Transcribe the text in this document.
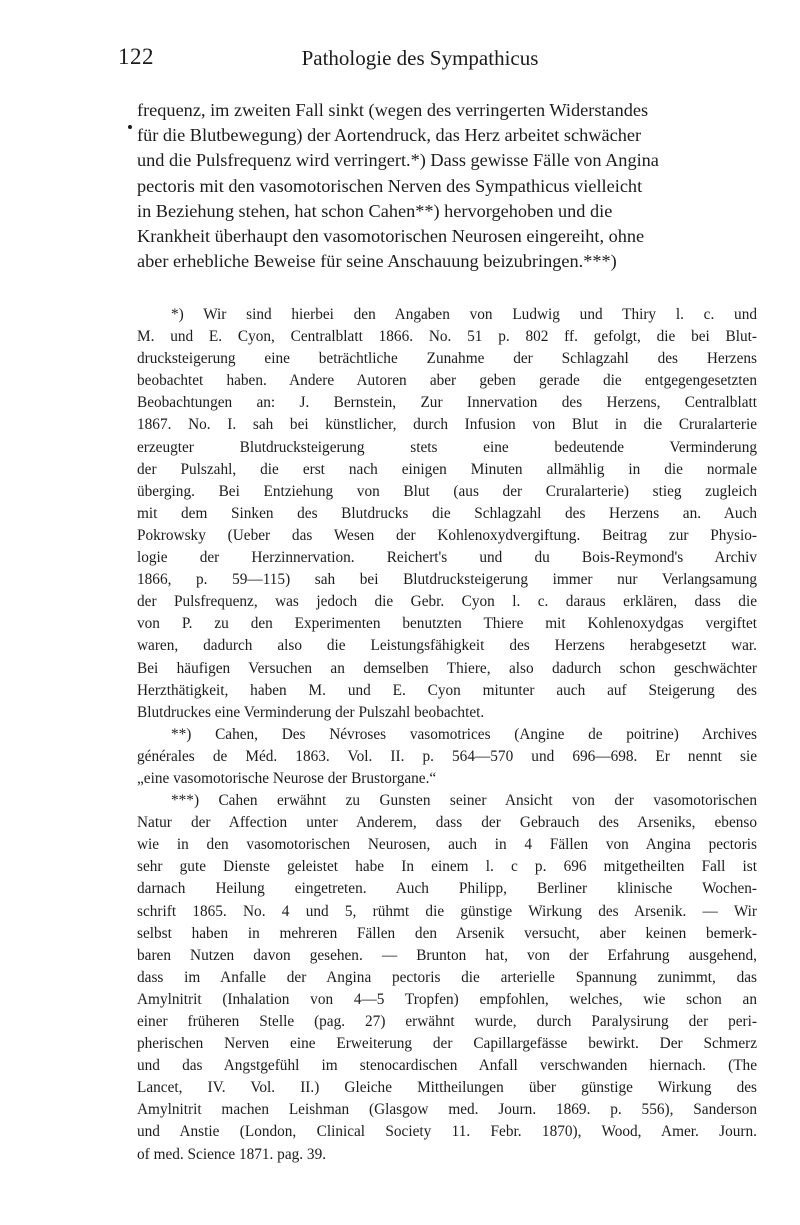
122	Pathologie des Sympathicus
frequenz, im zweiten Fall sinkt (wegen des verringerten Widerstandes
für die Blutbewegung) der Aortendruck, das Herz arbeitet schwächer
und die Pulsfrequenz wird verringert.*) Dass gewisse Fälle von Angina
pectoris mit den vasomotorischen Nerven des Sympathicus vielleicht
in Beziehung stehen, hat schon Cahen**) hervorgehoben und die
Krankheit überhaupt den vasomotorischen Neurosen eingereiht, ohne
aber erhebliche Beweise für seine Anschauung beizubringen.***)
*) Wir sind hierbei den Angaben von Ludwig und Thiry l. c. und
M. und E. Cyon, Centralblatt 1866. No. 51 p. 802 ff. gefolgt, die bei Blut-
drucksteigerung eine beträchtliche Zunahme der Schlagzahl des Herzens
beobachtet haben. Andere Autoren aber geben gerade die entgegengesetzten
Beobachtungen an: J. Bernstein, Zur Innervation des Herzens, Centralblatt
1867. No. I. sah bei künstlicher, durch Infusion von Blut in die Cruralarterie
erzeugter Blutdrucksteigerung stets eine bedeutende Verminderung
der Pulszahl, die erst nach einigen Minuten allmählig in die normale
überging. Bei Entziehung von Blut (aus der Cruralarterie) stieg zugleich
mit dem Sinken des Blutdrucks die Schlagzahl des Herzens an. Auch
Pokrowsky (Ueber das Wesen der Kohlenoxydvergiftung. Beitrag zur Physio-
logie der Herzinnervation. Reichert's und du Bois-Reymond's Archiv
1866, p. 59—115) sah bei Blutdrucksteigerung immer nur Verlangsamung
der Pulsfrequenz, was jedoch die Gebr. Cyon l. c. daraus erklären, dass die
von P. zu den Experimenten benutzten Thiere mit Kohlenoxydgas vergiftet
waren, dadurch also die Leistungsfähigkeit des Herzens herabgesetzt war.
Bei häufigen Versuchen an demselben Thiere, also dadurch schon geschwächter
Herzthätigkeit, haben M. und E. Cyon mitunter auch auf Steigerung des
Blutdruckes eine Verminderung der Pulszahl beobachtet.
**) Cahen, Des Névroses vasomotrices (Angine de poitrine) Archives
générales de Méd. 1863. Vol. II. p. 564—570 und 696—698. Er nennt sie
„eine vasomotorische Neurose der Brustorgane.“
***) Cahen erwähnt zu Gunsten seiner Ansicht von der vasomotorischen
Natur der Affection unter Anderem, dass der Gebrauch des Arseniks, ebenso
wie in den vasomotorischen Neurosen, auch in 4 Fällen von Angina pectoris
sehr gute Dienste geleistet habe In einem l. c p. 696 mitgetheilten Fall ist
darnach Heilung eingetreten. Auch Philipp, Berliner klinische Wochen-
schrift 1865. No. 4 und 5, rühmt die günstige Wirkung des Arsenik. — Wir
selbst haben in mehreren Fällen den Arsenik versucht, aber keinen bemerk-
baren Nutzen davon gesehen. — Brunton hat, von der Erfahrung ausgehend,
dass im Anfalle der Angina pectoris die arterielle Spannung zunimmt, das
Amylnitrit (Inhalation von 4—5 Tropfen) empfohlen, welches, wie schon an
einer früheren Stelle (pag. 27) erwähnt wurde, durch Paralysirung der peri-
pherischen Nerven eine Erweiterung der Capillargefässe bewirkt. Der Schmerz
und das Angstgefühl im stenocardischen Anfall verschwanden hiernach. (The
Lancet, IV. Vol. II.) Gleiche Mittheilungen über günstige Wirkung des
Amylnitrit machen Leishman (Glasgow med. Journ. 1869. p. 556), Sanderson
und Anstie (London, Clinical Society 11. Febr. 1870), Wood, Amer. Journ.
of med. Science 1871. pag. 39.
